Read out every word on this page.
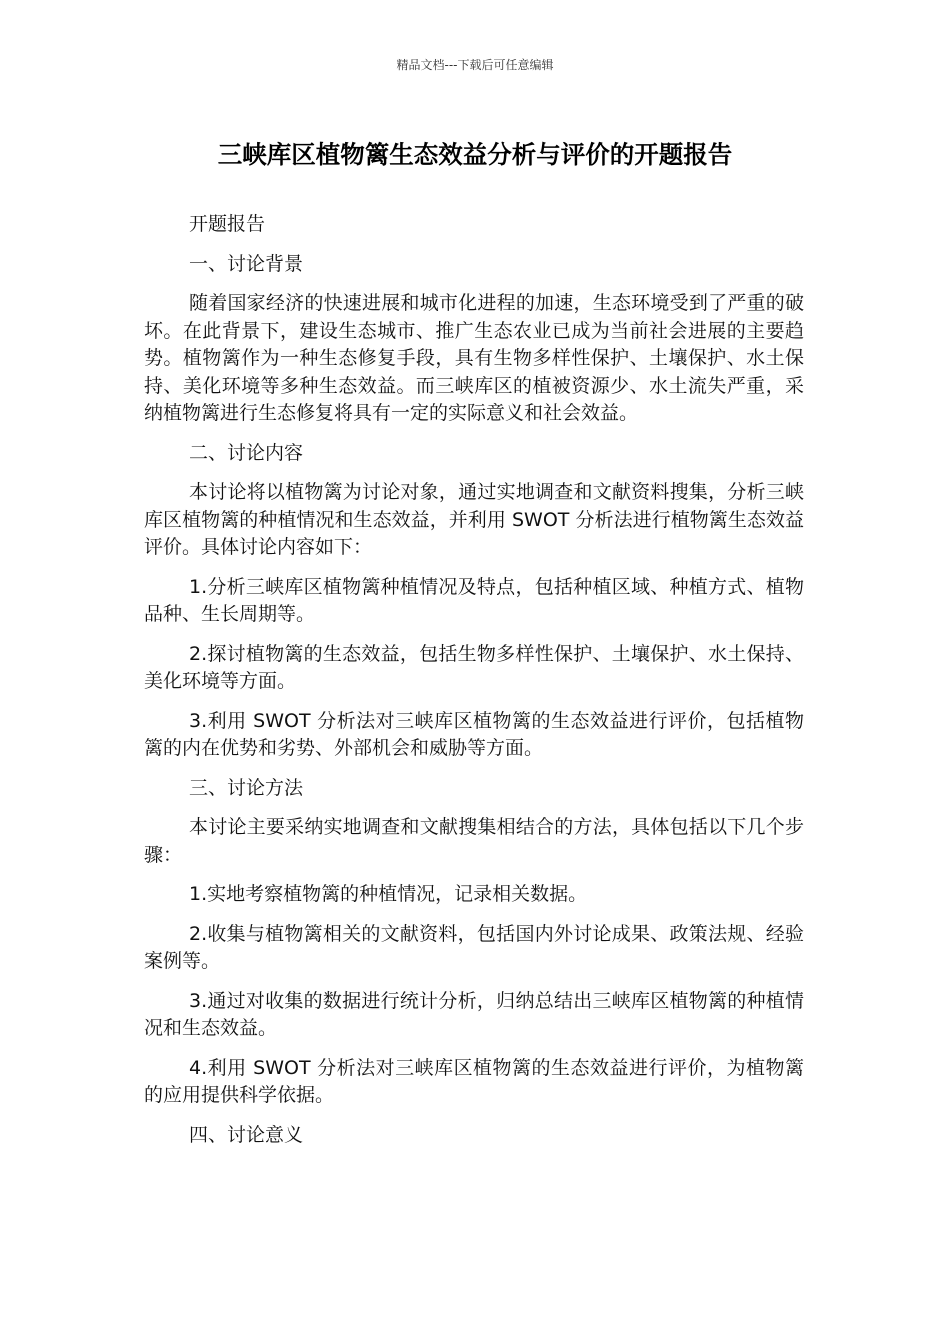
精品文档---下载后可任意编辑
三峡库区植物篱生态效益分析与评价的开题报告

开题报告

一、讨论背景

随着国家经济的快速进展和城市化进程的加速，生态环境受到了严重的破坏。在此背景下，建设生态城市、推广生态农业已成为当前社会进展的主要趋势。植物篱作为一种生态修复手段，具有生物多样性保护、土壤保护、水土保持、美化环境等多种生态效益。而三峡库区的植被资源少、水土流失严重，采纳植物篱进行生态修复将具有一定的实际意义和社会效益。

二、讨论内容

本讨论将以植物篱为讨论对象，通过实地调查和文献资料搜集，分析三峡库区植物篱的种植情况和生态效益，并利用 SWOT 分析法进行植物篱生态效益评价。具体讨论内容如下：

1.分析三峡库区植物篱种植情况及特点，包括种植区域、种植方式、植物品种、生长周期等。

2.探讨植物篱的生态效益，包括生物多样性保护、土壤保护、水土保持、美化环境等方面。

3.利用 SWOT 分析法对三峡库区植物篱的生态效益进行评价，包括植物篱的内在优势和劣势、外部机会和威胁等方面。

三、讨论方法

本讨论主要采纳实地调查和文献搜集相结合的方法，具体包括以下几个步骤：

1.实地考察植物篱的种植情况，记录相关数据。

2.收集与植物篱相关的文献资料，包括国内外讨论成果、政策法规、经验案例等。

3.通过对收集的数据进行统计分析，归纳总结出三峡库区植物篱的种植情况和生态效益。

4.利用 SWOT 分析法对三峡库区植物篱的生态效益进行评价，为植物篱的应用提供科学依据。

四、讨论意义
